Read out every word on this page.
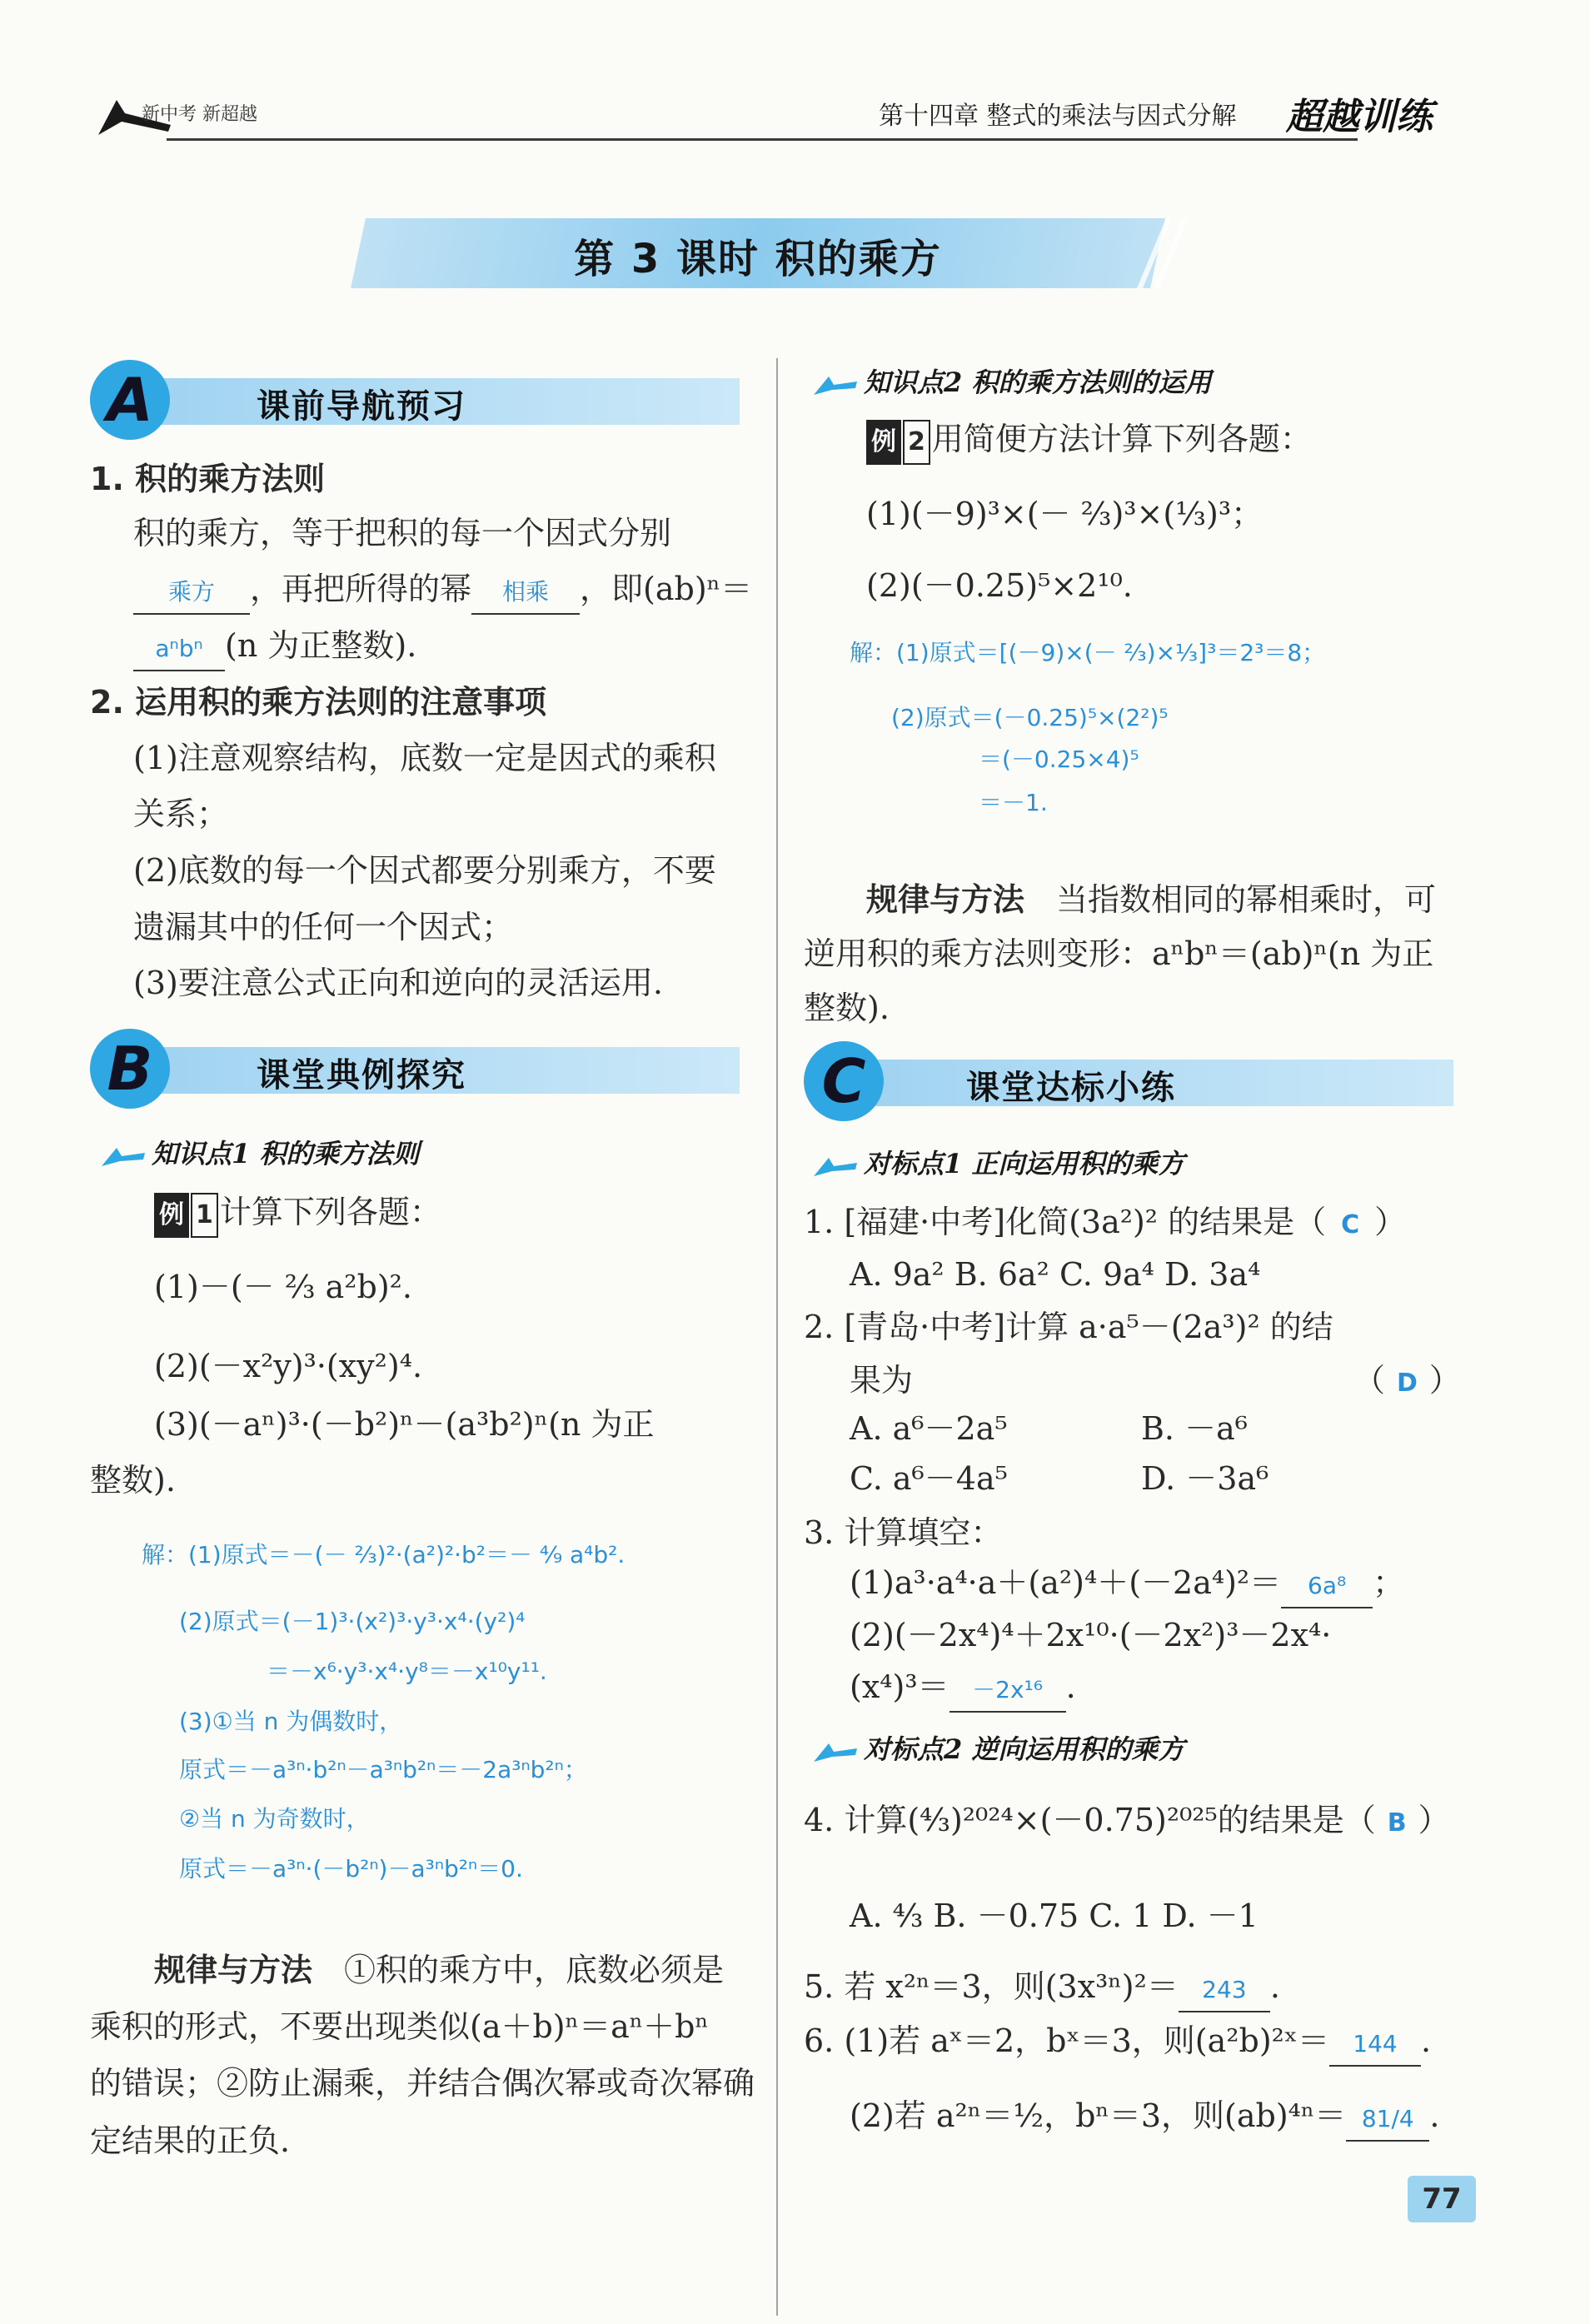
新中考 新超越	第十四章 整式的乘法与因式分解 超越训练
第 3 课时 积的乘方
A	课前导航预习
1. 积的乘方法则
积的乘方，等于把积的每一个因式分别
乘方 ，再把所得的幂 相乘 ，即(ab)ⁿ＝
aⁿbⁿ (n 为正整数).
2. 运用积的乘方法则的注意事项
(1)注意观察结构，底数一定是因式的乘积
关系；
(2)底数的每一个因式都要分别乘方，不要
遗漏其中的任何一个因式；
(3)要注意公式正向和逆向的灵活运用.
B	课堂典例探究
知识点1 积的乘方法则
例 1 计算下列各题：
(1)－(－ ²⁄₃ a²b)².
(2)(－x²y)³·(xy²)⁴.
(3)(－aⁿ)³·(－b²)ⁿ－(a³b²)ⁿ(n 为正
整数).
解：(1)原式＝－(－ ²⁄₃)²·(a²)²·b²＝－ ⁴⁄₉ a⁴b².
(2)原式＝(－1)³·(x²)³·y³·x⁴·(y²)⁴
＝－x⁶·y³·x⁴·y⁸＝－x¹⁰y¹¹.
(3)①当 n 为偶数时，
原式＝－a³ⁿ·b²ⁿ－a³ⁿb²ⁿ＝－2a³ⁿb²ⁿ；
②当 n 为奇数时，
原式＝－a³ⁿ·(－b²ⁿ)－a³ⁿb²ⁿ＝0.
规律与方法　 ①积的乘方中，底数必须是
乘积的形式，不要出现类似(a＋b)ⁿ＝aⁿ＋bⁿ
的错误；②防止漏乘，并结合偶次幂或奇次幂确
定结果的正负.
知识点2 积的乘方法则的运用
例 2 用简便方法计算下列各题：
(1)(－9)³×(－ ²⁄₃)³×(⅓)³；
(2)(－0.25)⁵×2¹⁰.
解：(1)原式＝[(－9)×(－ ²⁄₃)×⅓]³＝2³＝8；
(2)原式＝(－0.25)⁵×(2²)⁵
＝(－0.25×4)⁵
＝－1.
规律与方法　 当指数相同的幂相乘时，可
逆用积的乘方法则变形：aⁿbⁿ＝(ab)ⁿ(n 为正
整数).
C	课堂达标小练
对标点1 正向运用积的乘方
1. [福建·中考]化简(3a²)² 的结果是（ C ）
A. 9a² B. 6a² C. 9a⁴ D. 3a⁴
2. [青岛·中考]计算 a·a⁵－(2a³)² 的结
果为	（ D ）
A. a⁶－2a⁵	B. －a⁶
C. a⁶－4a⁵	D. －3a⁶
3. 计算填空：
(1)a³·a⁴·a＋(a²)⁴＋(－2a⁴)²＝ 6a⁸ ；
(2)(－2x⁴)⁴＋2x¹⁰·(－2x²)³－2x⁴·
(x⁴)³＝ －2x¹⁶ .
对标点2 逆向运用积的乘方
4. 计算(⁴⁄₃)²⁰²⁴×(－0.75)²⁰²⁵的结果是（ B ）
A. ⁴⁄₃ B. －0.75 C. 1 D. －1
5. 若 x²ⁿ＝3，则(3x³ⁿ)²＝ 243 .
6. (1)若 aˣ＝2，bˣ＝3，则(a²b)²ˣ＝ 144 .
(2)若 a²ⁿ＝½，bⁿ＝3，则(ab)⁴ⁿ＝ 81/4 .
77
